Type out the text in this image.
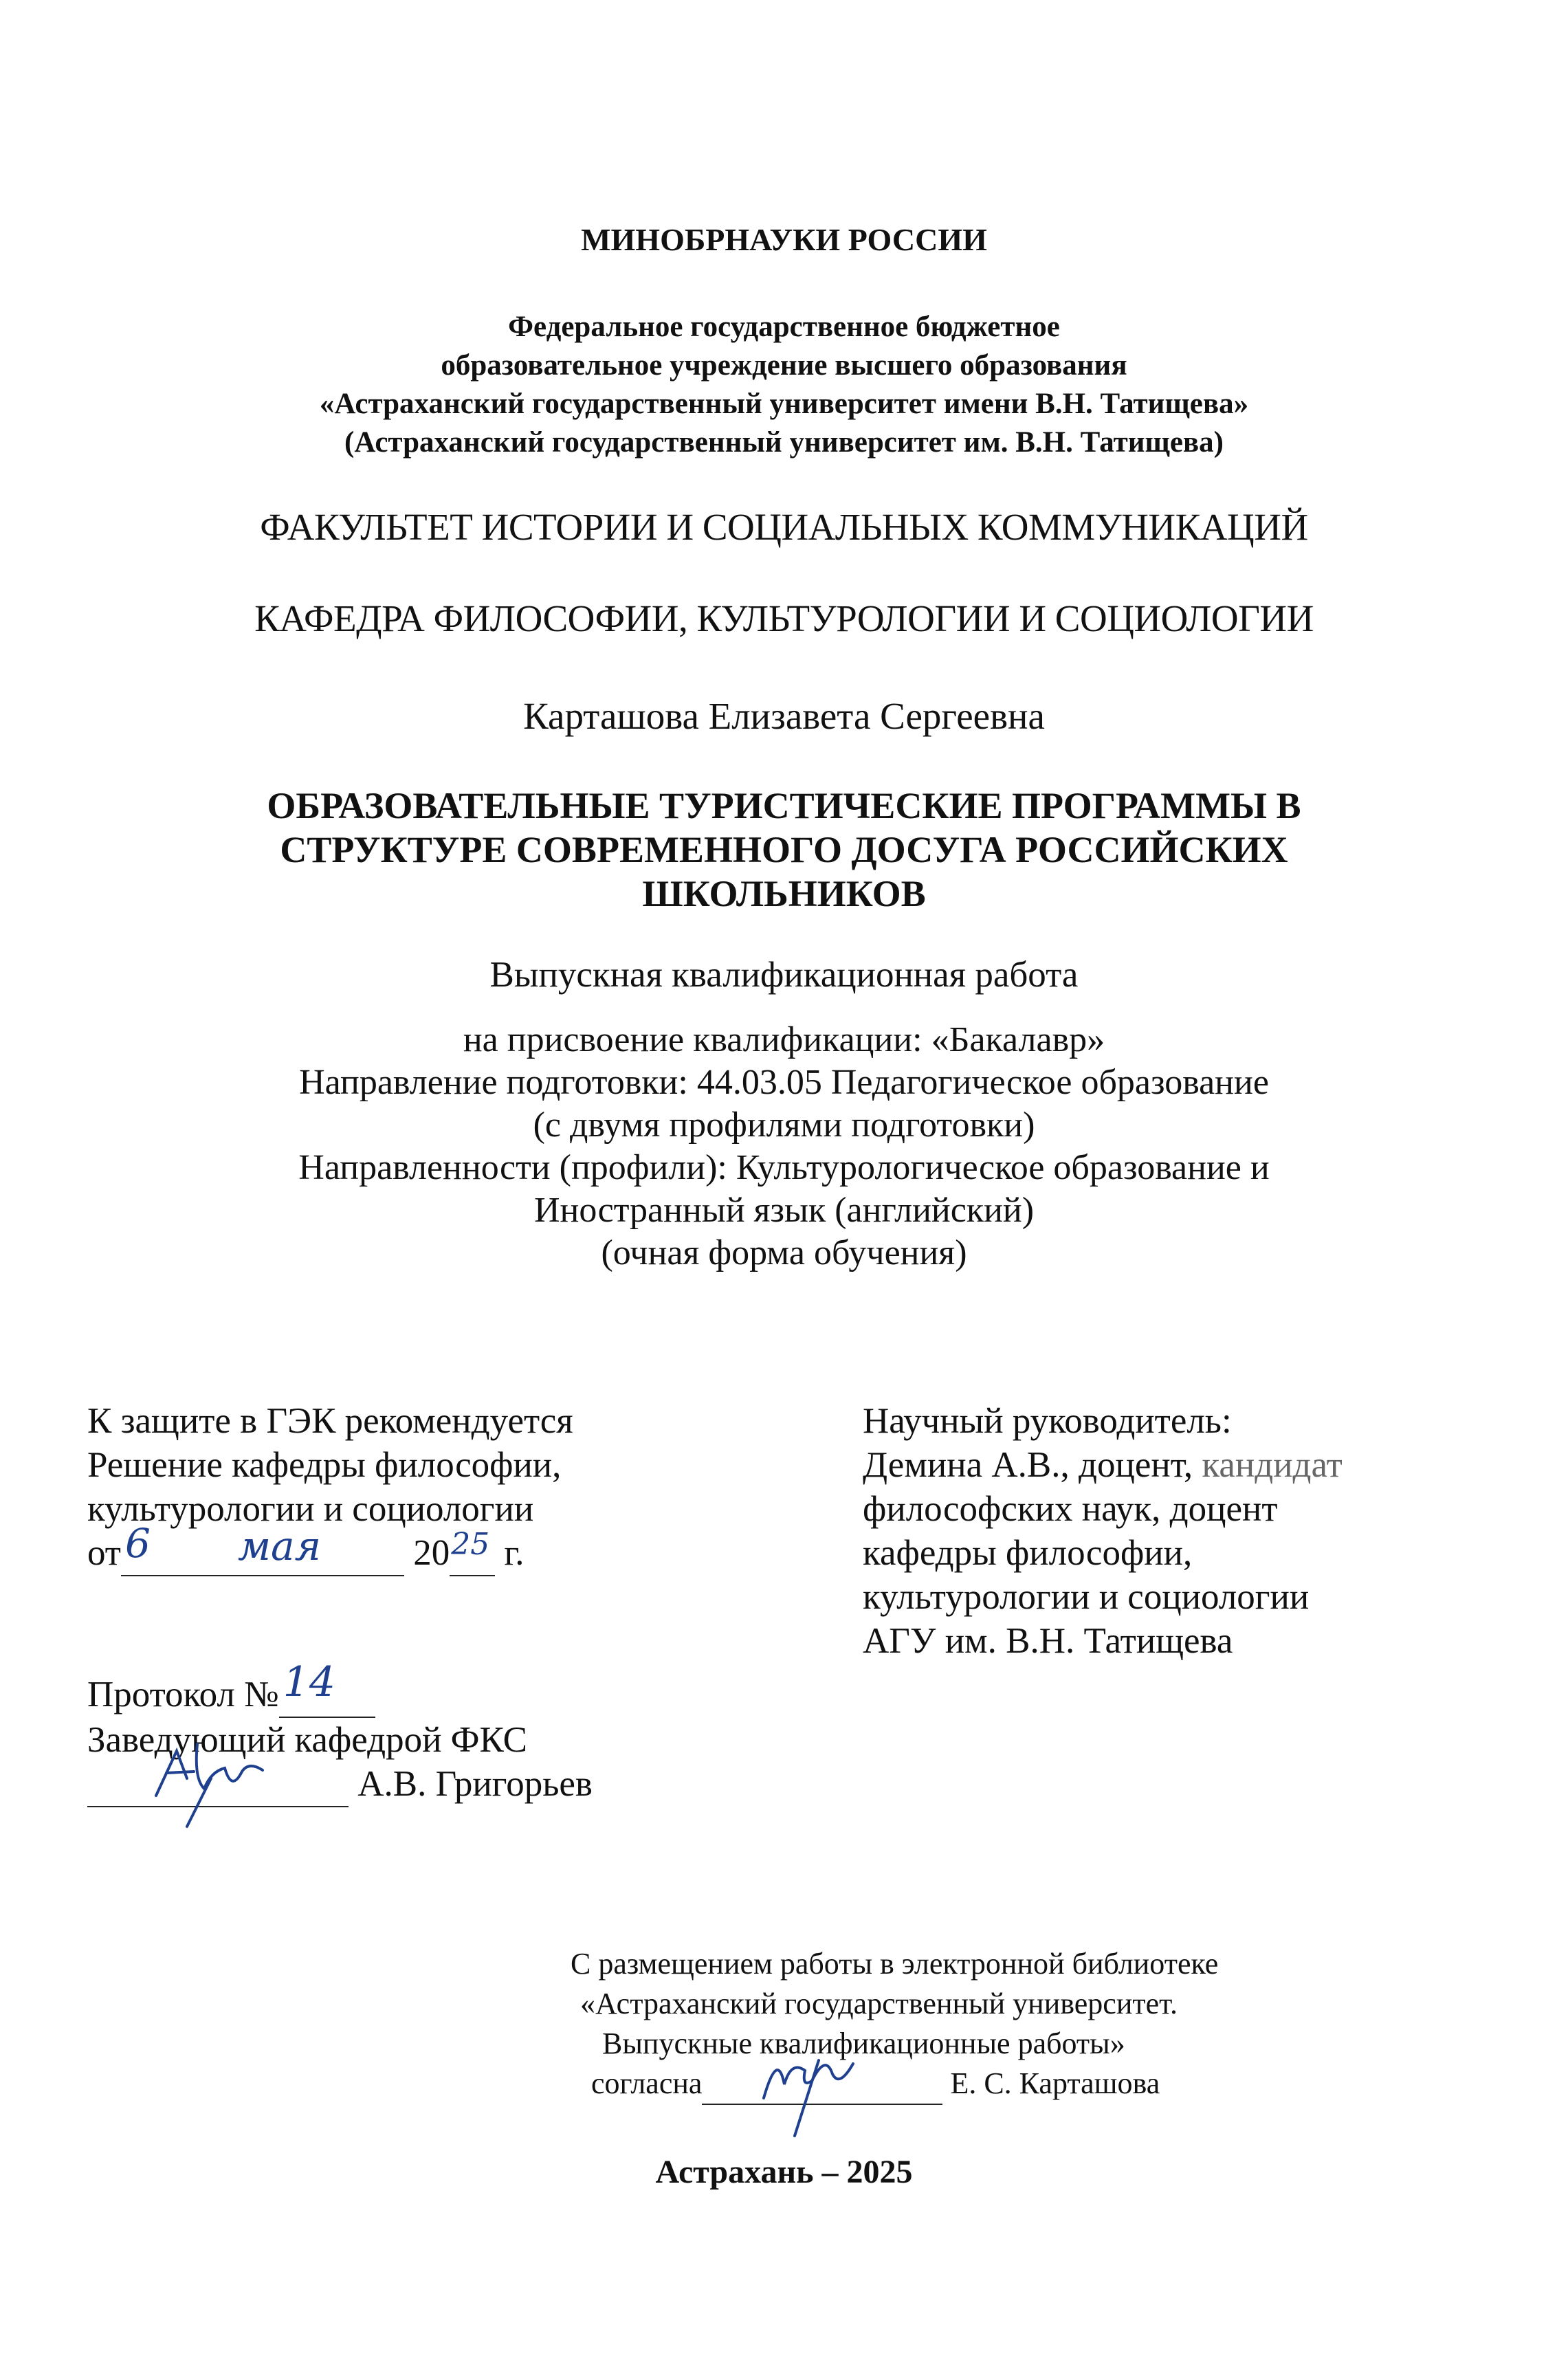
МИНОБРНАУКИ РОССИИ
Федеральное государственное бюджетное
образовательное учреждение высшего образования
«Астраханский государственный университет имени В.Н. Татищева»
(Астраханский государственный университет им. В.Н. Татищева)
ФАКУЛЬТЕТ ИСТОРИИ И СОЦИАЛЬНЫХ КОММУНИКАЦИЙ
КАФЕДРА ФИЛОСОФИИ, КУЛЬТУРОЛОГИИ И СОЦИОЛОГИИ
Карташова Елизавета Сергеевна
ОБРАЗОВАТЕЛЬНЫЕ ТУРИСТИЧЕСКИЕ ПРОГРАММЫ В
СТРУКТУРЕ СОВРЕМЕННОГО ДОСУГА РОССИЙСКИХ
ШКОЛЬНИКОВ
Выпускная квалификационная работа
на присвоение квалификации: «Бакалавр»
Направление подготовки: 44.03.05 Педагогическое образование
(с двумя профилями подготовки)
Направленности (профили): Культурологическое образование и
Иностранный язык (английский)
(очная форма обучения)
К защите в ГЭК рекомендуется
Решение кафедры философии,
культурологии и социологии
от 6 мая	20 25 г.
Протокол № 14

Заведующий кафедрой ФКС
А.В. Григорьев
Научный руководитель:
Демина А.В., доцент, кандидат
философских наук, доцент
кафедры философии,
культурологии и социологии
АГУ им. В.Н. Татищева
С размещением работы в электронной библиотеке
«Астраханский государственный университет.
Выпускные квалификационные работы»
согласна	Е. С. Карташова
Астрахань – 2025
